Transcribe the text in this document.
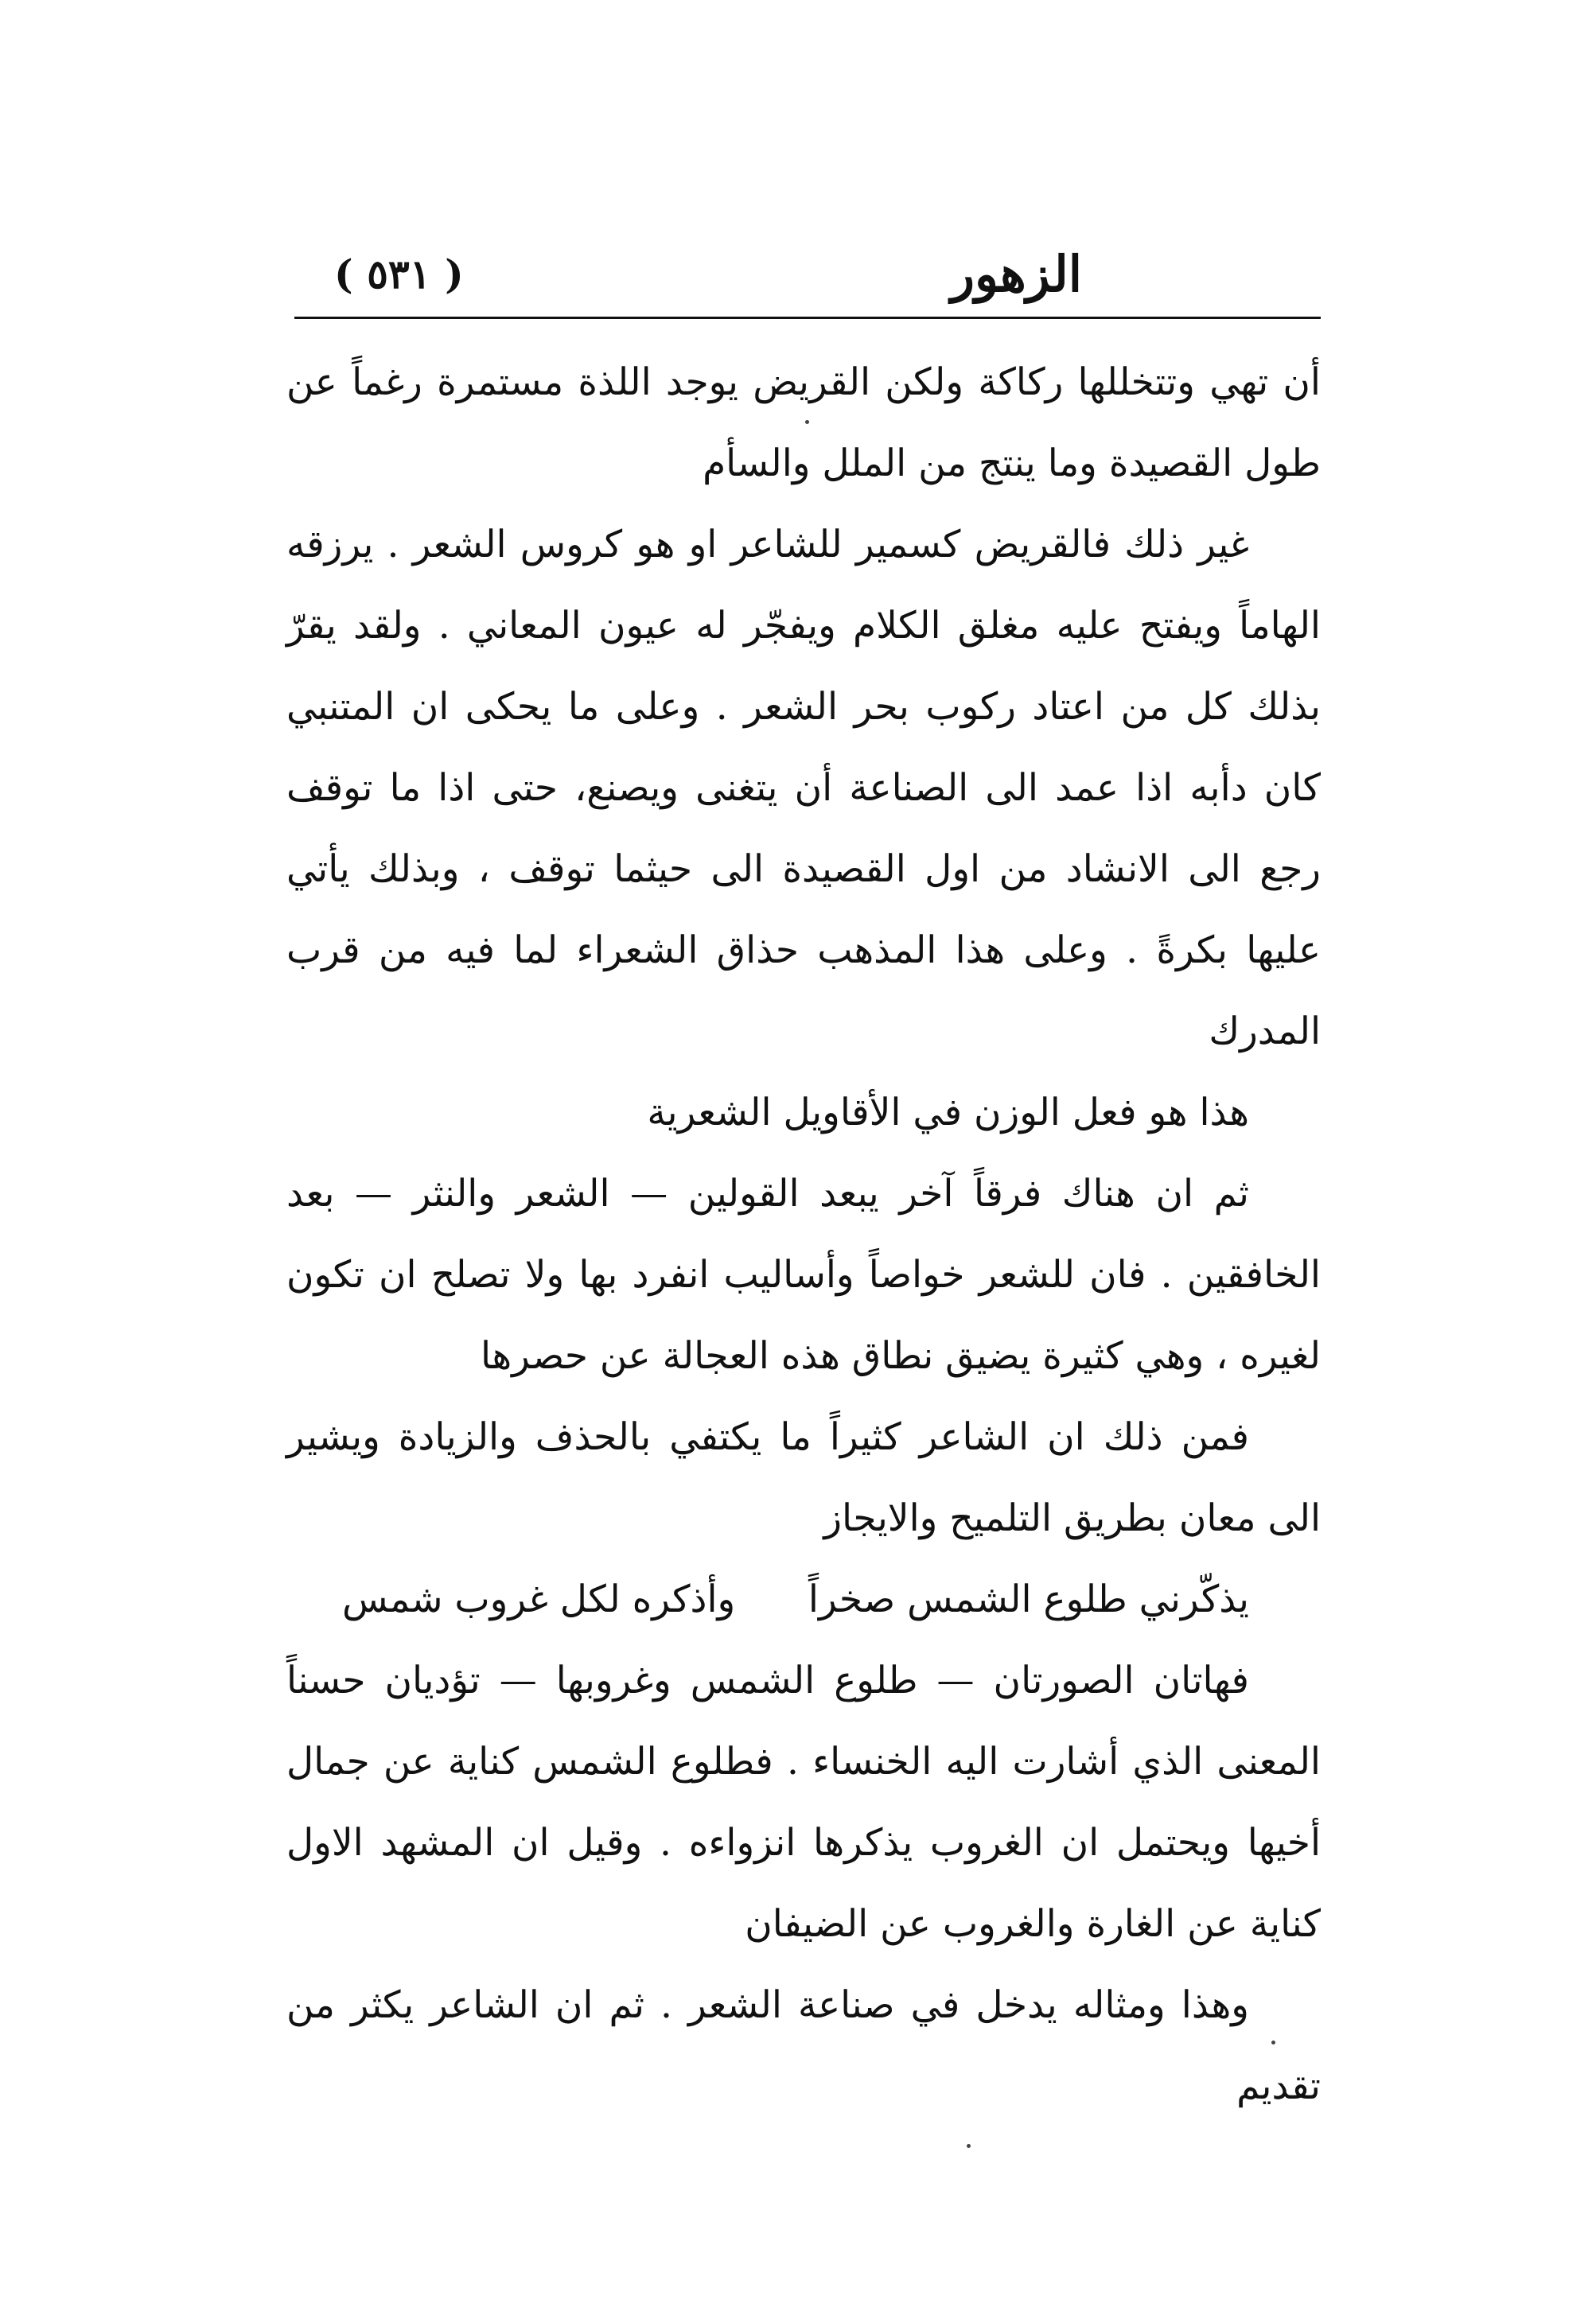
الزهور
( ٥٣١ )

أن تهي وتتخللها ركاكة ولكن القريض يوجد اللذة مستمرة رغماً عن طول القصيدة وما ينتج من الملل والسأم

غير ذلك فالقريض كسمير للشاعر او هو كروس الشعر . يرزقه الهاماً ويفتح عليه مغلق الكلام ويفجّر له عيون المعاني . ولقد يقرّ بذلك كل من اعتاد ركوب بحر الشعر . وعلى ما يحكى ان المتنبي كان دأبه اذا عمد الى الصناعة أن يتغنى ويصنع، حتى اذا ما توقف رجع الى الانشاد من اول القصيدة الى حيثما توقف ، وبذلك يأتي عليها بكرةً . وعلى هذا المذهب حذاق الشعراء لما فيه من قرب المدرك

هذا هو فعل الوزن في الأقاويل الشعرية

ثم ان هناك فرقاً آخر يبعد القولين — الشعر والنثر — بعد الخافقين . فان للشعر خواصاً وأساليب انفرد بها ولا تصلح ان تكون لغيره ، وهي كثيرة يضيق نطاق هذه العجالة عن حصرها

فمن ذلك ان الشاعر كثيراً ما يكتفي بالحذف والزيادة ويشير الى معان بطريق التلميح والايجاز

يذكّرني طلوع الشمس صخراً
وأذكره لكل غروب شمس

فهاتان الصورتان — طلوع الشمس وغروبها — تؤديان حسناً المعنى الذي أشارت اليه الخنساء . فطلوع الشمس كناية عن جمال أخيها ويحتمل ان الغروب يذكرها انزواءه . وقيل ان المشهد الاول كناية عن الغارة والغروب عن الضيفان

وهذا ومثاله يدخل في صناعة الشعر . ثم ان الشاعر يكثر من تقديم
